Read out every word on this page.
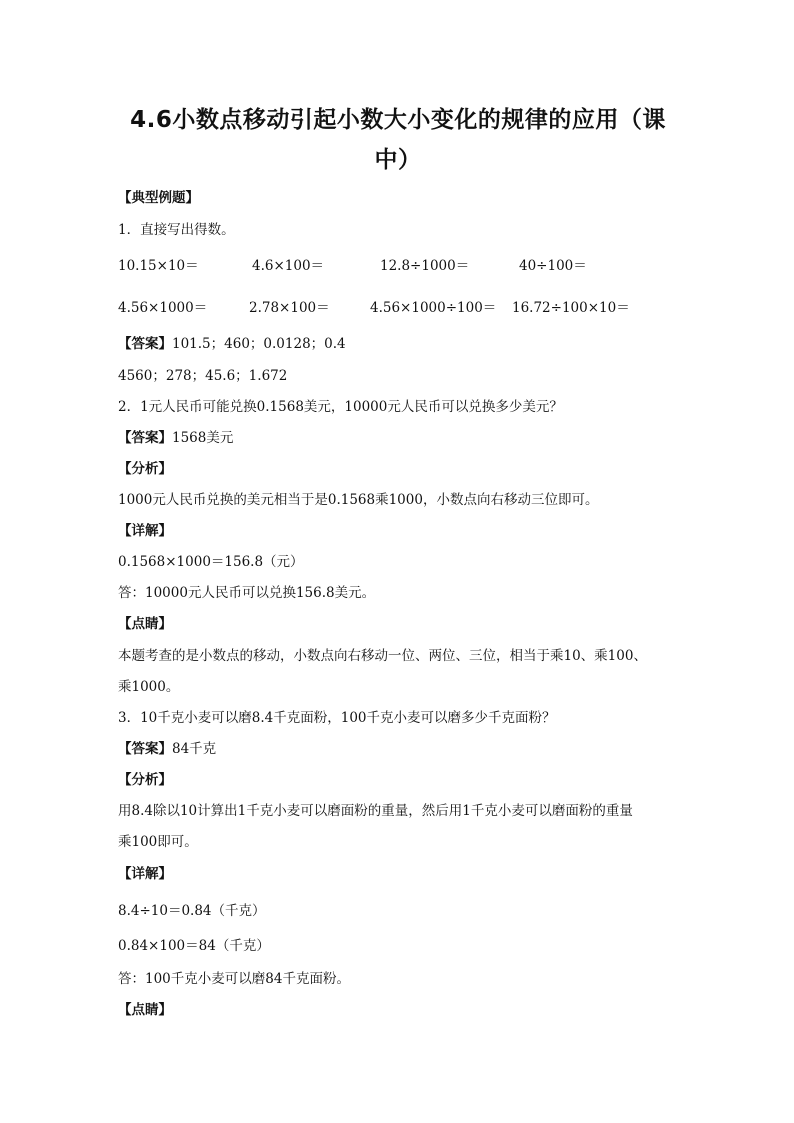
4.6小数点移动引起小数大小变化的规律的应用（课
中）
【典型例题】
1．直接写出得数。
10.15×10＝	4.6×100＝	12.8÷1000＝	40÷100＝
4.56×1000＝	2.78×100＝	4.56×1000÷100＝ 16.72÷100×10＝
【答案】101.5；460；0.0128；0.4
4560；278；45.6；1.672
2．1元人民币可能兑换0.1568美元，10000元人民币可以兑换多少美元？
【答案】1568美元
【分析】
1000元人民币兑换的美元相当于是0.1568乘1000，小数点向右移动三位即可。
【详解】
0.1568×1000＝156.8（元）
答：10000元人民币可以兑换156.8美元。
【点睛】
本题考查的是小数点的移动，小数点向右移动一位、两位、三位，相当于乘10、乘100、
乘1000。
3．10千克小麦可以磨8.4千克面粉，100千克小麦可以磨多少千克面粉？
【答案】84千克
【分析】
用8.4除以10计算出1千克小麦可以磨面粉的重量，然后用1千克小麦可以磨面粉的重量
乘100即可。
【详解】
8.4÷10＝0.84（千克）
0.84×100＝84（千克）
答：100千克小麦可以磨84千克面粉。
【点睛】
